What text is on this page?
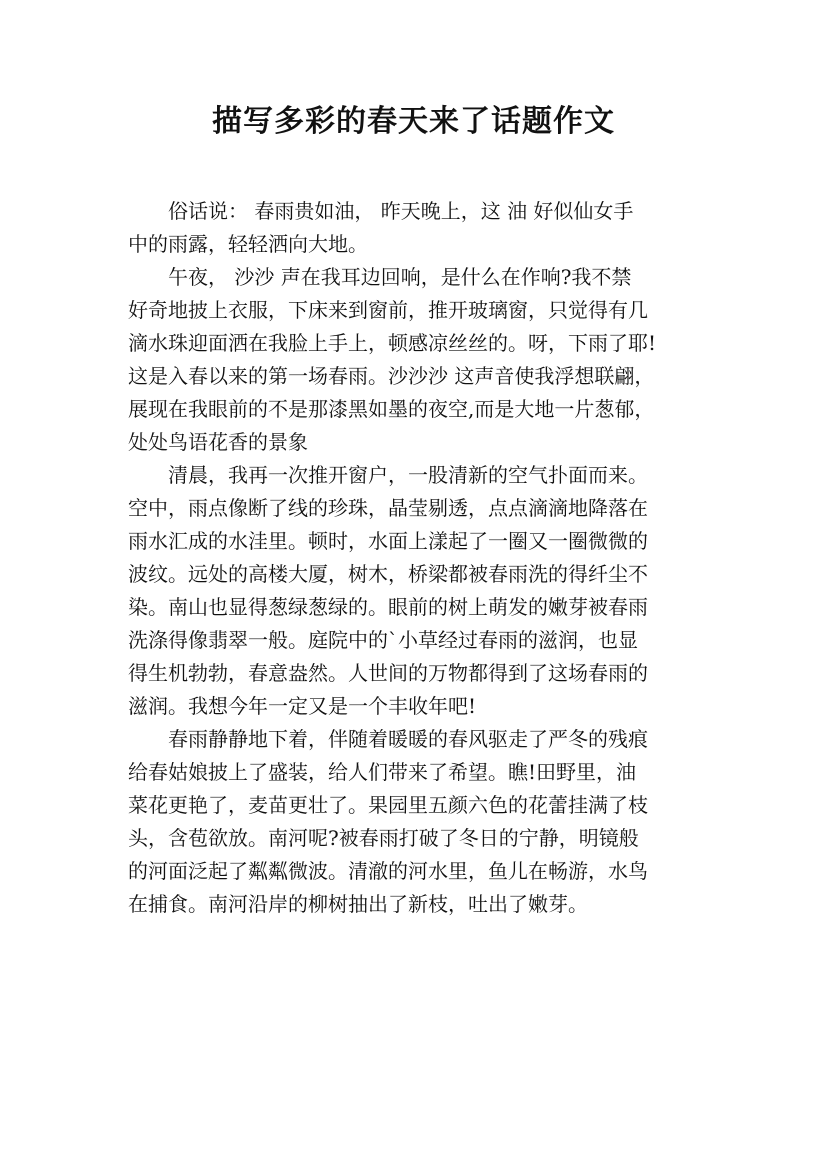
描写多彩的春天来了话题作文
俗话说： 春雨贵如油， 昨天晚上，这 油 好似仙女手
中的雨露，轻轻洒向大地。
午夜， 沙沙 声在我耳边回响，是什么在作响?我不禁
好奇地披上衣服，下床来到窗前，推开玻璃窗，只觉得有几
滴水珠迎面洒在我脸上手上，顿感凉丝丝的。呀，下雨了耶!
这是入春以来的第一场春雨。沙沙沙 这声音使我浮想联翩，
展现在我眼前的不是那漆黑如墨的夜空,而是大地一片葱郁，
处处鸟语花香的景象
清晨，我再一次推开窗户，一股清新的空气扑面而来。
空中，雨点像断了线的珍珠，晶莹剔透，点点滴滴地降落在
雨水汇成的水洼里。顿时，水面上漾起了一圈又一圈微微的
波纹。远处的高楼大厦，树木，桥梁都被春雨洗的得纤尘不
染。南山也显得葱绿葱绿的。眼前的树上萌发的嫩芽被春雨
洗涤得像翡翠一般。庭院中的`小草经过春雨的滋润，也显
得生机勃勃，春意盎然。人世间的万物都得到了这场春雨的
滋润。我想今年一定又是一个丰收年吧!
春雨静静地下着，伴随着暖暖的春风驱走了严冬的残痕
给春姑娘披上了盛装，给人们带来了希望。瞧!田野里，油
菜花更艳了，麦苗更壮了。果园里五颜六色的花蕾挂满了枝
头，含苞欲放。南河呢?被春雨打破了冬日的宁静，明镜般
的河面泛起了粼粼微波。清澈的河水里，鱼儿在畅游，水鸟
在捕食。南河沿岸的柳树抽出了新枝，吐出了嫩芽。
